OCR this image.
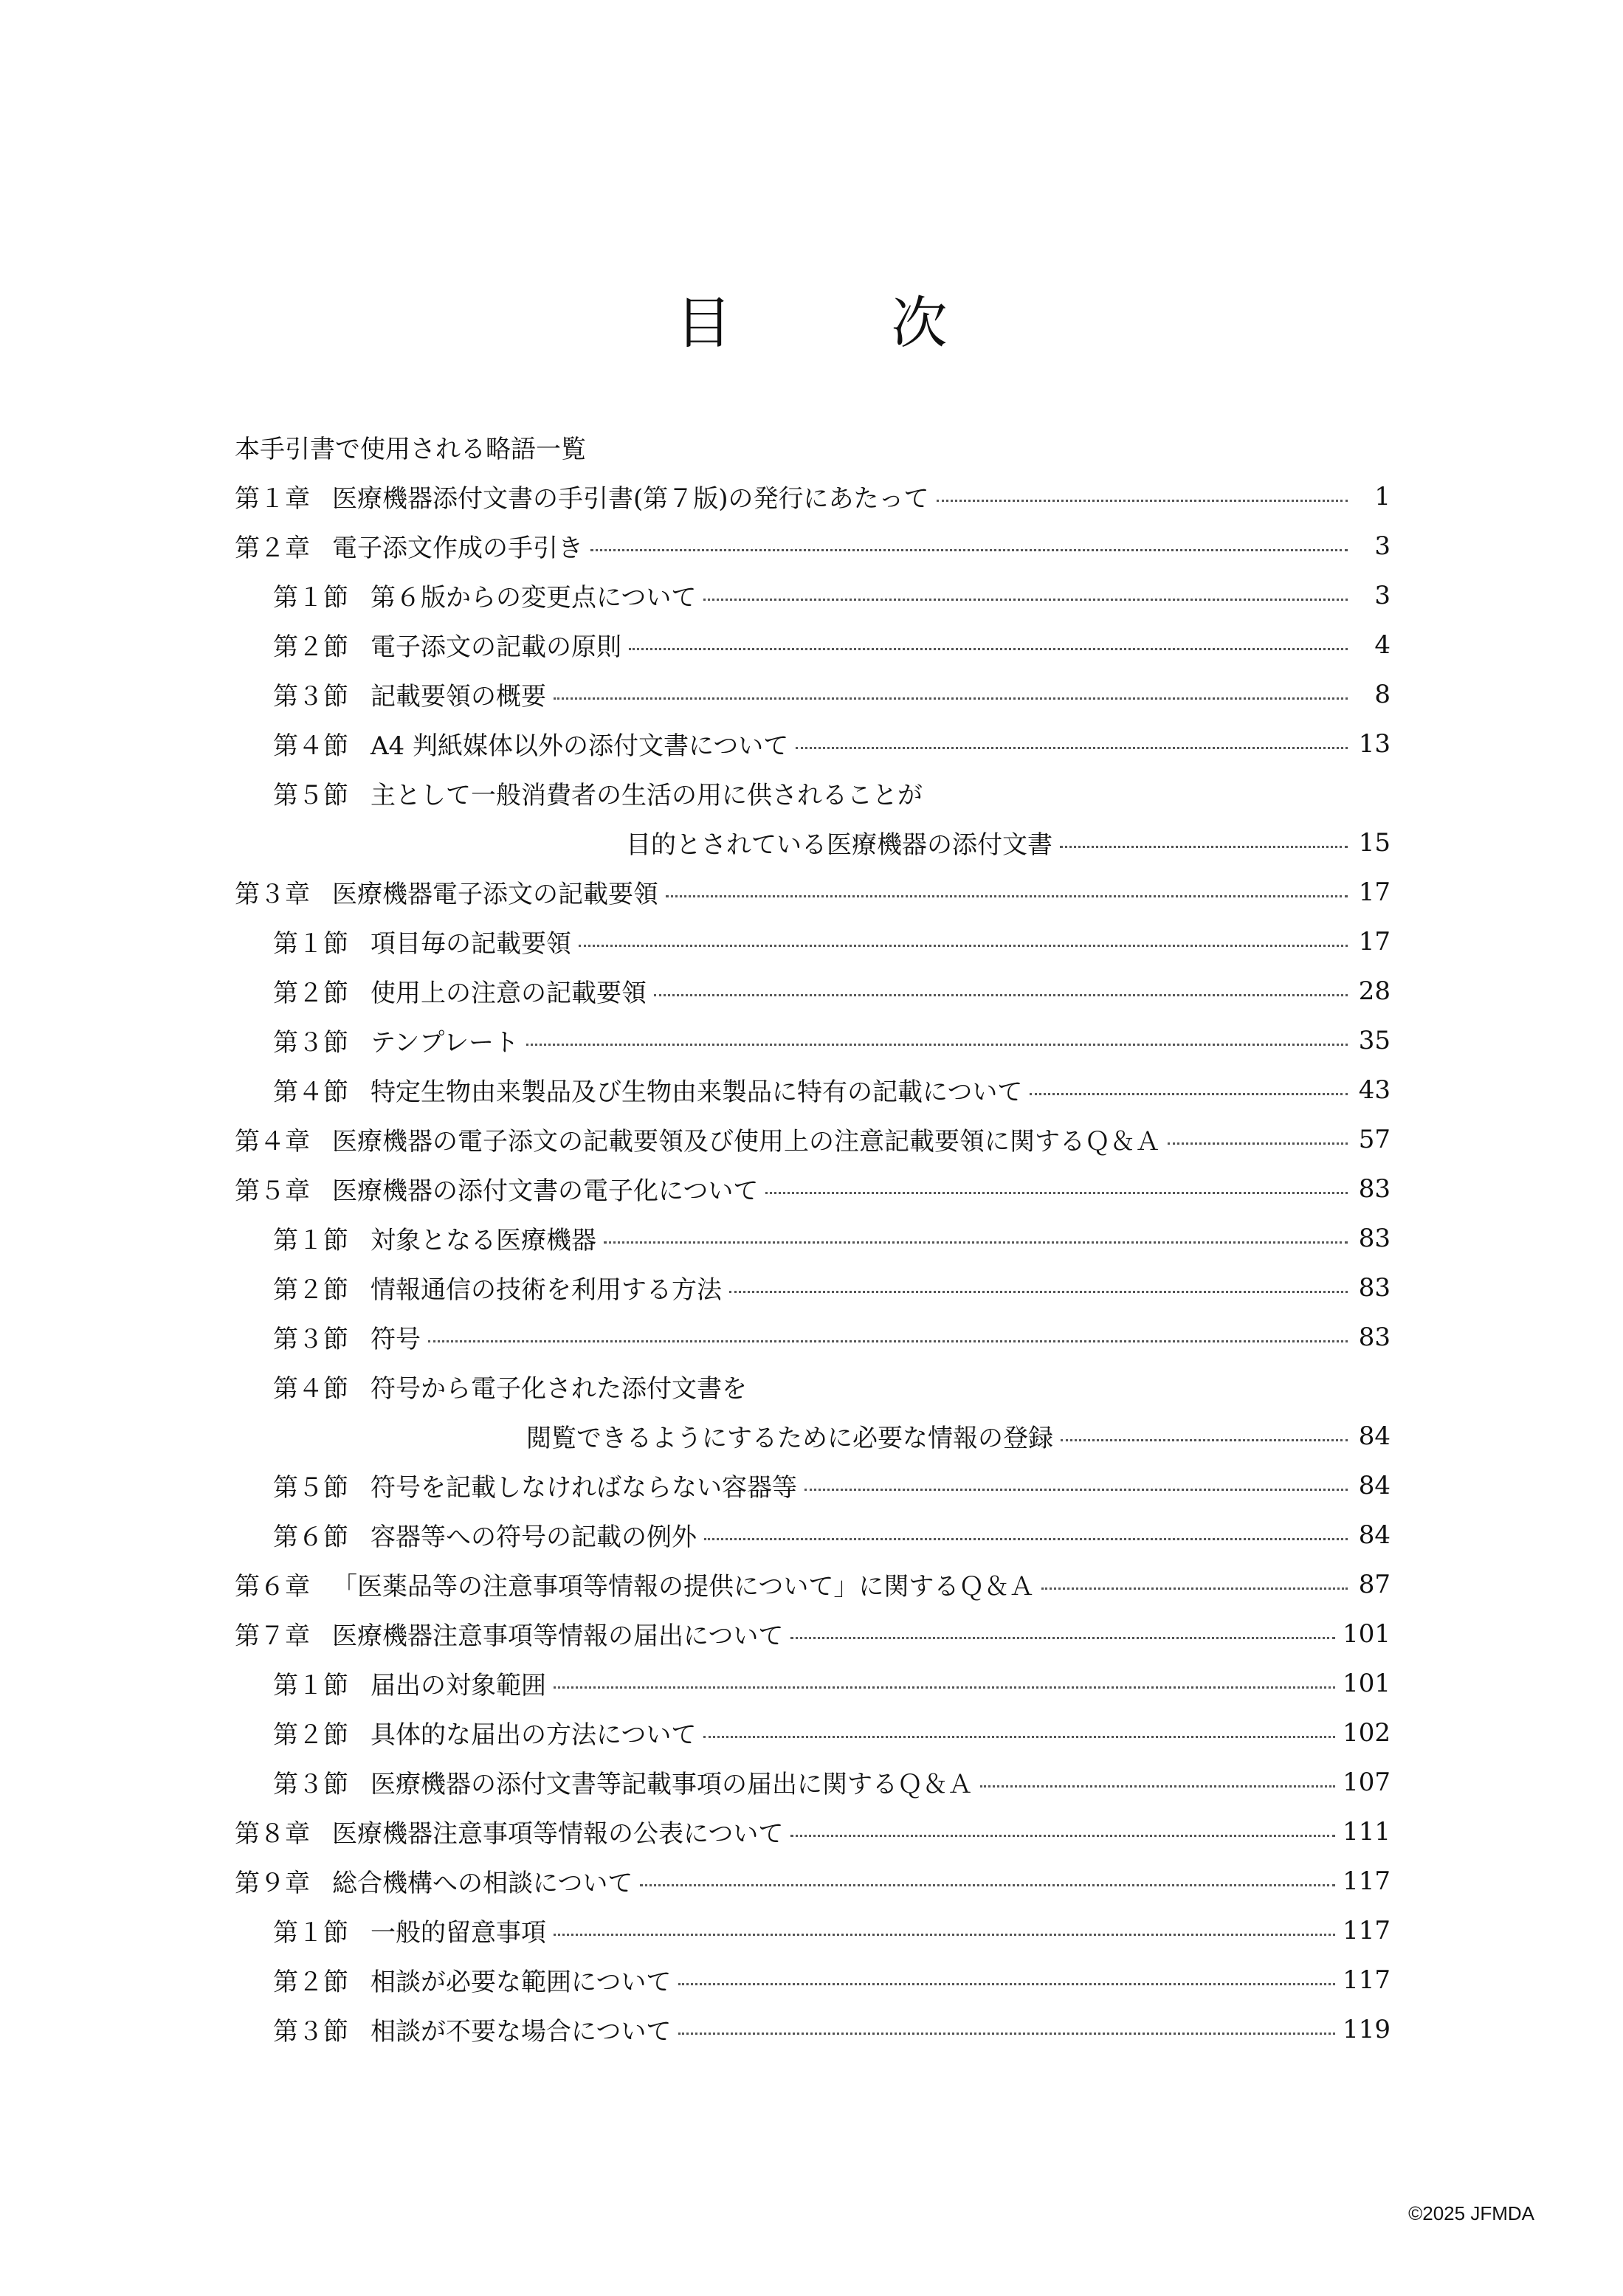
目　次
本手引書で使用される略語一覧
第１章 医療機器添付文書の手引書(第７版)の発行にあたって	1
第２章 電子添文作成の手引き	3
第１節 第６版からの変更点について	3
第２節 電子添文の記載の原則	4
第３節 記載要領の概要	8
第４節 A4 判紙媒体以外の添付文書について	13
第５節 主として一般消費者の生活の用に供されることが
目的とされている医療機器の添付文書	15
第３章 医療機器電子添文の記載要領	17
第１節 項目毎の記載要領	17
第２節 使用上の注意の記載要領	28
第３節 テンプレート	35
第４節 特定生物由来製品及び生物由来製品に特有の記載について	43
第４章 医療機器の電子添文の記載要領及び使用上の注意記載要領に関するＱ＆Ａ	57
第５章 医療機器の添付文書の電子化について	83
第１節 対象となる医療機器	83
第２節 情報通信の技術を利用する方法	83
第３節 符号	83
第４節 符号から電子化された添付文書を
閲覧できるようにするために必要な情報の登録	84
第５節 符号を記載しなければならない容器等	84
第６節 容器等への符号の記載の例外	84
第６章 「医薬品等の注意事項等情報の提供について」に関するＱ＆Ａ	87
第７章 医療機器注意事項等情報の届出について	101
第１節 届出の対象範囲	101
第２節 具体的な届出の方法について	102
第３節 医療機器の添付文書等記載事項の届出に関するＱ＆Ａ	107
第８章 医療機器注意事項等情報の公表について	111
第９章 総合機構への相談について	117
第１節 一般的留意事項	117
第２節 相談が必要な範囲について	117
第３節 相談が不要な場合について	119
©2025 JFMDA
